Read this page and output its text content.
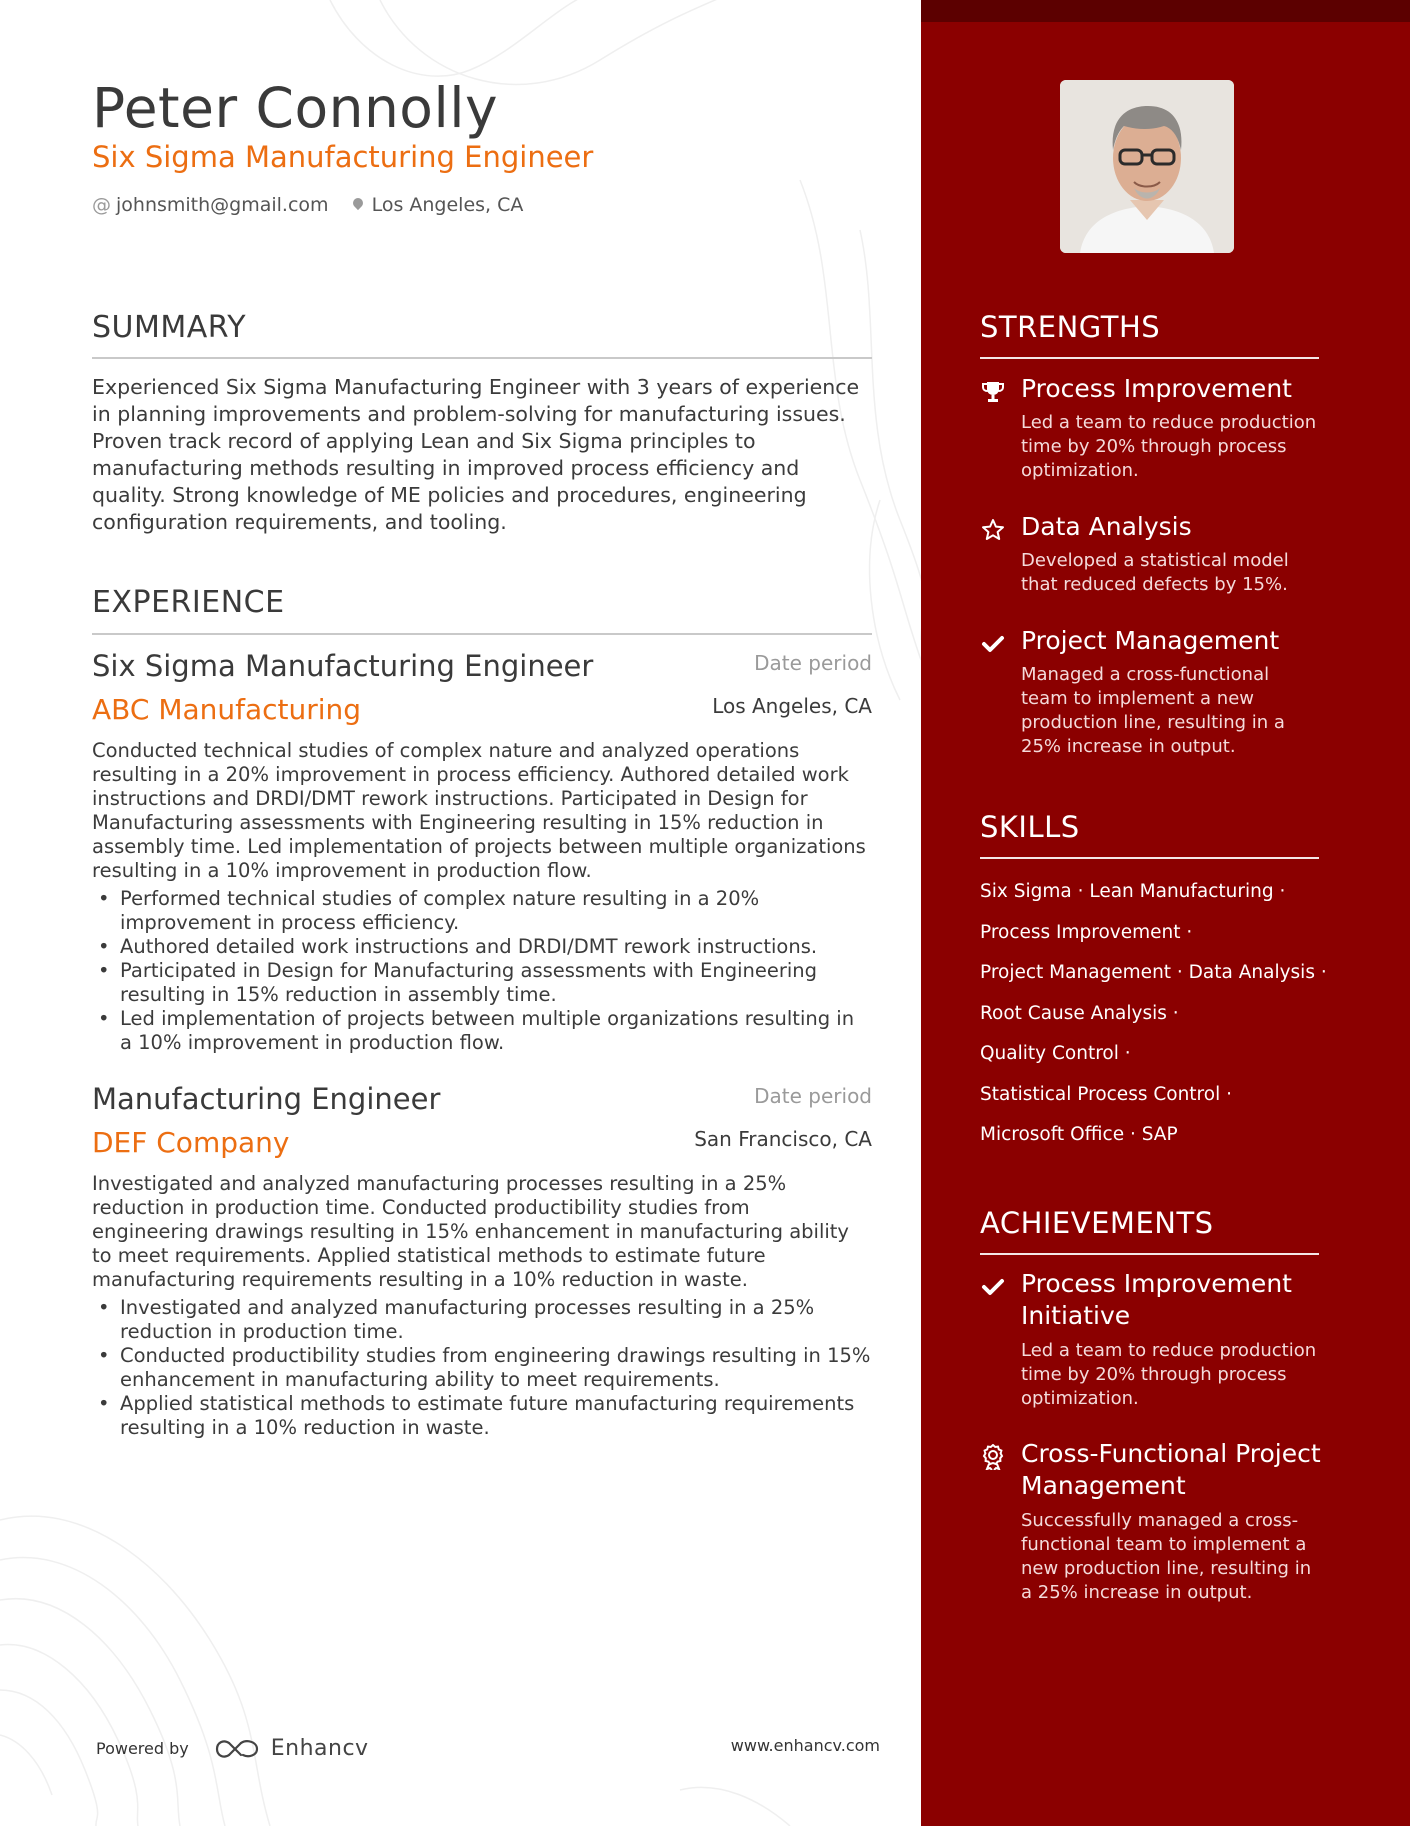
Peter Connolly
Six Sigma Manufacturing Engineer
@ johnsmith@gmail.com Los Angeles, CA
SUMMARY
Experienced Six Sigma Manufacturing Engineer with 3 years of experience in planning improvements and problem-solving for manufacturing issues. Proven track record of applying Lean and Six Sigma principles to manufacturing methods resulting in improved process efficiency and quality. Strong knowledge of ME policies and procedures, engineering configuration requirements, and tooling.
EXPERIENCE
Six Sigma Manufacturing Engineer	Date period
ABC Manufacturing	Los Angeles, CA
Conducted technical studies of complex nature and analyzed operations resulting in a 20% improvement in process efficiency. Authored detailed work instructions and DRDI/DMT rework instructions. Participated in Design for Manufacturing assessments with Engineering resulting in 15% reduction in assembly time. Led implementation of projects between multiple organizations resulting in a 10% improvement in production flow.
• Performed technical studies of complex nature resulting in a 20% improvement in process efficiency.
• Authored detailed work instructions and DRDI/DMT rework instructions.
• Participated in Design for Manufacturing assessments with Engineering resulting in 15% reduction in assembly time.
• Led implementation of projects between multiple organizations resulting in a 10% improvement in production flow.
Manufacturing Engineer	Date period
DEF Company	San Francisco, CA
Investigated and analyzed manufacturing processes resulting in a 25% reduction in production time. Conducted productibility studies from engineering drawings resulting in 15% enhancement in manufacturing ability to meet requirements. Applied statistical methods to estimate future manufacturing requirements resulting in a 10% reduction in waste.
• Investigated and analyzed manufacturing processes resulting in a 25% reduction in production time.
• Conducted productibility studies from engineering drawings resulting in 15% enhancement in manufacturing ability to meet requirements.
• Applied statistical methods to estimate future manufacturing requirements resulting in a 10% reduction in waste.
Powered by	Enhancv	www.enhancv.com
STRENGTHS
Process Improvement
Led a team to reduce production time by 20% through process optimization.
Data Analysis
Developed a statistical model that reduced defects by 15%.
Project Management
Managed a cross-functional team to implement a new production line, resulting in a 25% increase in output.
SKILLS
Six Sigma · Lean Manufacturing ·
Process Improvement ·
Project Management · Data Analysis ·
Root Cause Analysis ·
Quality Control ·
Statistical Process Control ·
Microsoft Office · SAP
ACHIEVEMENTS
Process Improvement Initiative
Led a team to reduce production time by 20% through process optimization.
Cross-Functional Project Management
Successfully managed a cross-functional team to implement a new production line, resulting in a 25% increase in output.
